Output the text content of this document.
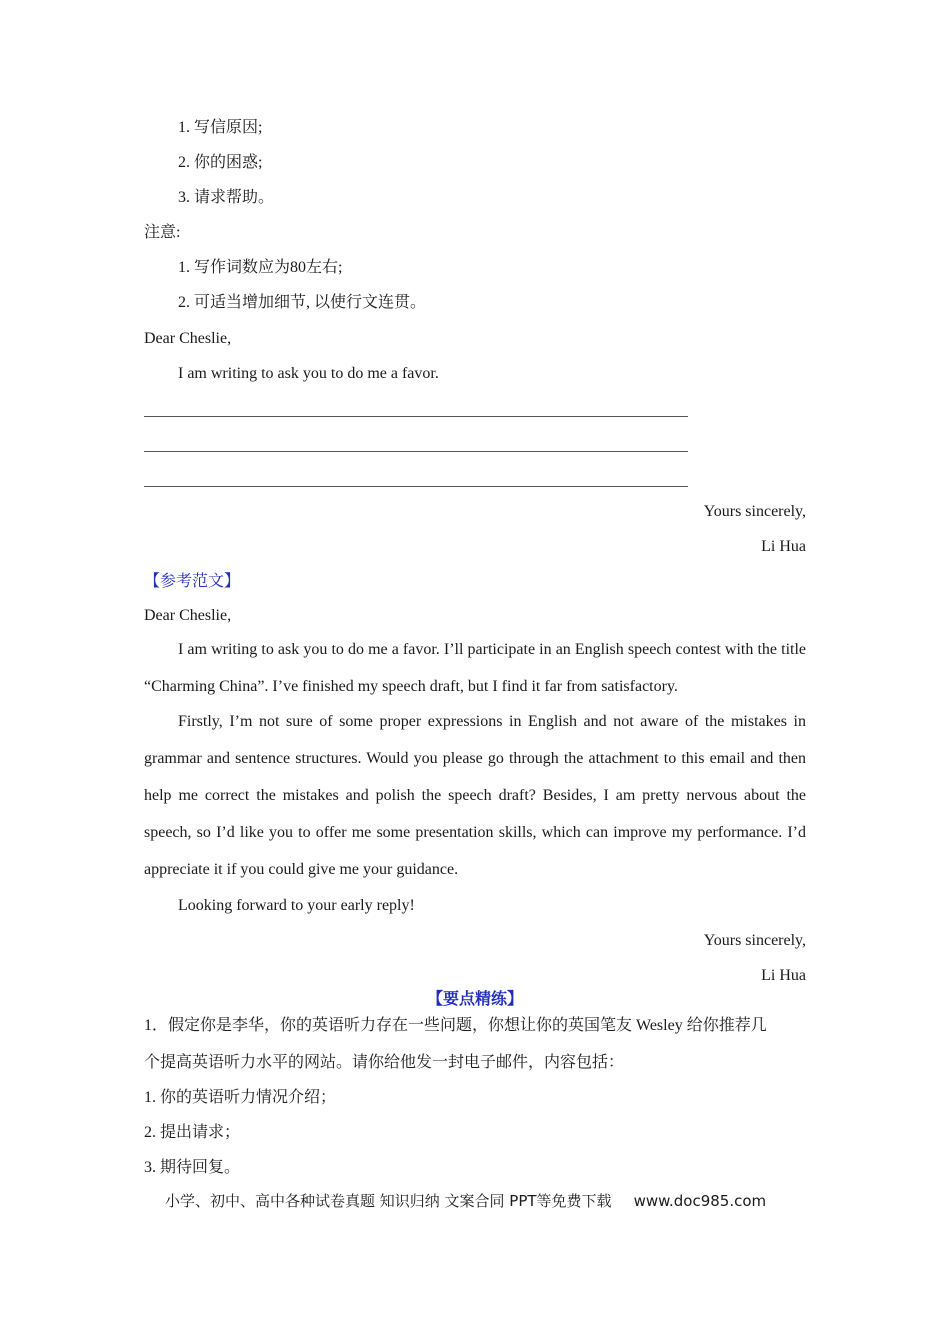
1. 写信原因;
2. 你的困惑;
3. 请求帮助。
注意:
1. 写作词数应为80左右;
2. 可适当增加细节, 以使行文连贯。
Dear Cheslie,
I am writing to ask you to do me a favor.
Yours sincerely,
Li Hua
【参考范文】
Dear Cheslie,
I am writing to ask you to do me a favor. I’ll participate in an English speech contest with the title “Charming China”. I’ve finished my speech draft, but I find it far from satisfactory.
Firstly, I’m not sure of some proper expressions in English and not aware of the mistakes in grammar and sentence structures. Would you please go through the attachment to this email and then help me correct the mistakes and polish the speech draft? Besides, I am pretty nervous about the speech, so I’d like you to offer me some presentation skills, which can improve my performance. I’d appreciate it if you could give me your guidance.
Looking forward to your early reply!
Yours sincerely,
Li Hua
【要点精练】
1．假定你是李华，你的英语听力存在一些问题，你想让你的英国笔友 Wesley 给你推荐几
个提高英语听力水平的网站。请你给他发一封电子邮件，内容包括：
1. 你的英语听力情况介绍；
2. 提出请求；
3. 期待回复。
小学、初中、高中各种试卷真题 知识归纳 文案合同 PPT等免费下载 www.doc985.com
